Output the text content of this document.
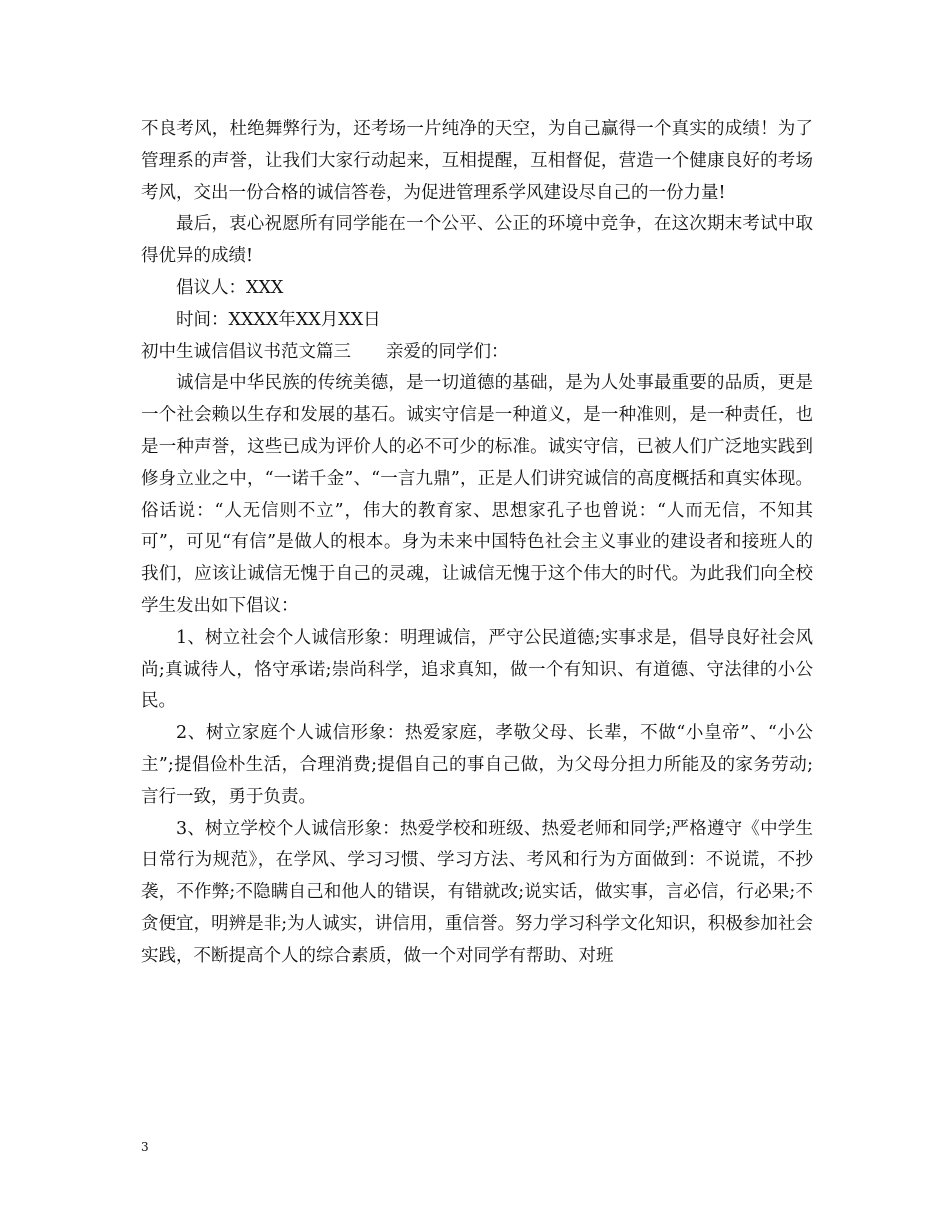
不良考风，杜绝舞弊行为，还考场一片纯净的天空，为自己赢得一个真实的成绩！为了管理系的声誉，让我们大家行动起来，互相提醒，互相督促，营造一个健康良好的考场考风，交出一份合格的诚信答卷，为促进管理系学风建设尽自己的一份力量!

最后，衷心祝愿所有同学能在一个公平、公正的环境中竞争，在这次期末考试中取得优异的成绩!

倡议人：XXX

时间：XXXX年XX月XX日

初中生诚信倡议书范文篇三　　亲爱的同学们：

诚信是中华民族的传统美德，是一切道德的基础，是为人处事最重要的品质，更是一个社会赖以生存和发展的基石。诚实守信是一种道义，是一种准则，是一种责任，也是一种声誉，这些已成为评价人的必不可少的标准。诚实守信，已被人们广泛地实践到修身立业之中，“一诺千金”、“一言九鼎”，正是人们讲究诚信的高度概括和真实体现。俗话说：“人无信则不立”，伟大的教育家、思想家孔子也曾说：“人而无信，不知其可”，可见“有信”是做人的根本。身为未来中国特色社会主义事业的建设者和接班人的我们，应该让诚信无愧于自己的灵魂，让诚信无愧于这个伟大的时代。为此我们向全校学生发出如下倡议：

1、树立社会个人诚信形象：明理诚信，严守公民道德;实事求是，倡导良好社会风尚;真诚待人，恪守承诺;崇尚科学，追求真知，做一个有知识、有道德、守法律的小公民。

2、树立家庭个人诚信形象：热爱家庭，孝敬父母、长辈，不做“小皇帝”、“小公主”;提倡俭朴生活，合理消费;提倡自己的事自己做，为父母分担力所能及的家务劳动;言行一致，勇于负责。

3、树立学校个人诚信形象：热爱学校和班级、热爱老师和同学;严格遵守《中学生日常行为规范》，在学风、学习习惯、学习方法、考风和行为方面做到：不说谎，不抄袭，不作弊;不隐瞒自己和他人的错误，有错就改;说实话，做实事，言必信，行必果;不贪便宜，明辨是非;为人诚实，讲信用，重信誉。努力学习科学文化知识，积极参加社会实践，不断提高个人的综合素质，做一个对同学有帮助、对班

3
